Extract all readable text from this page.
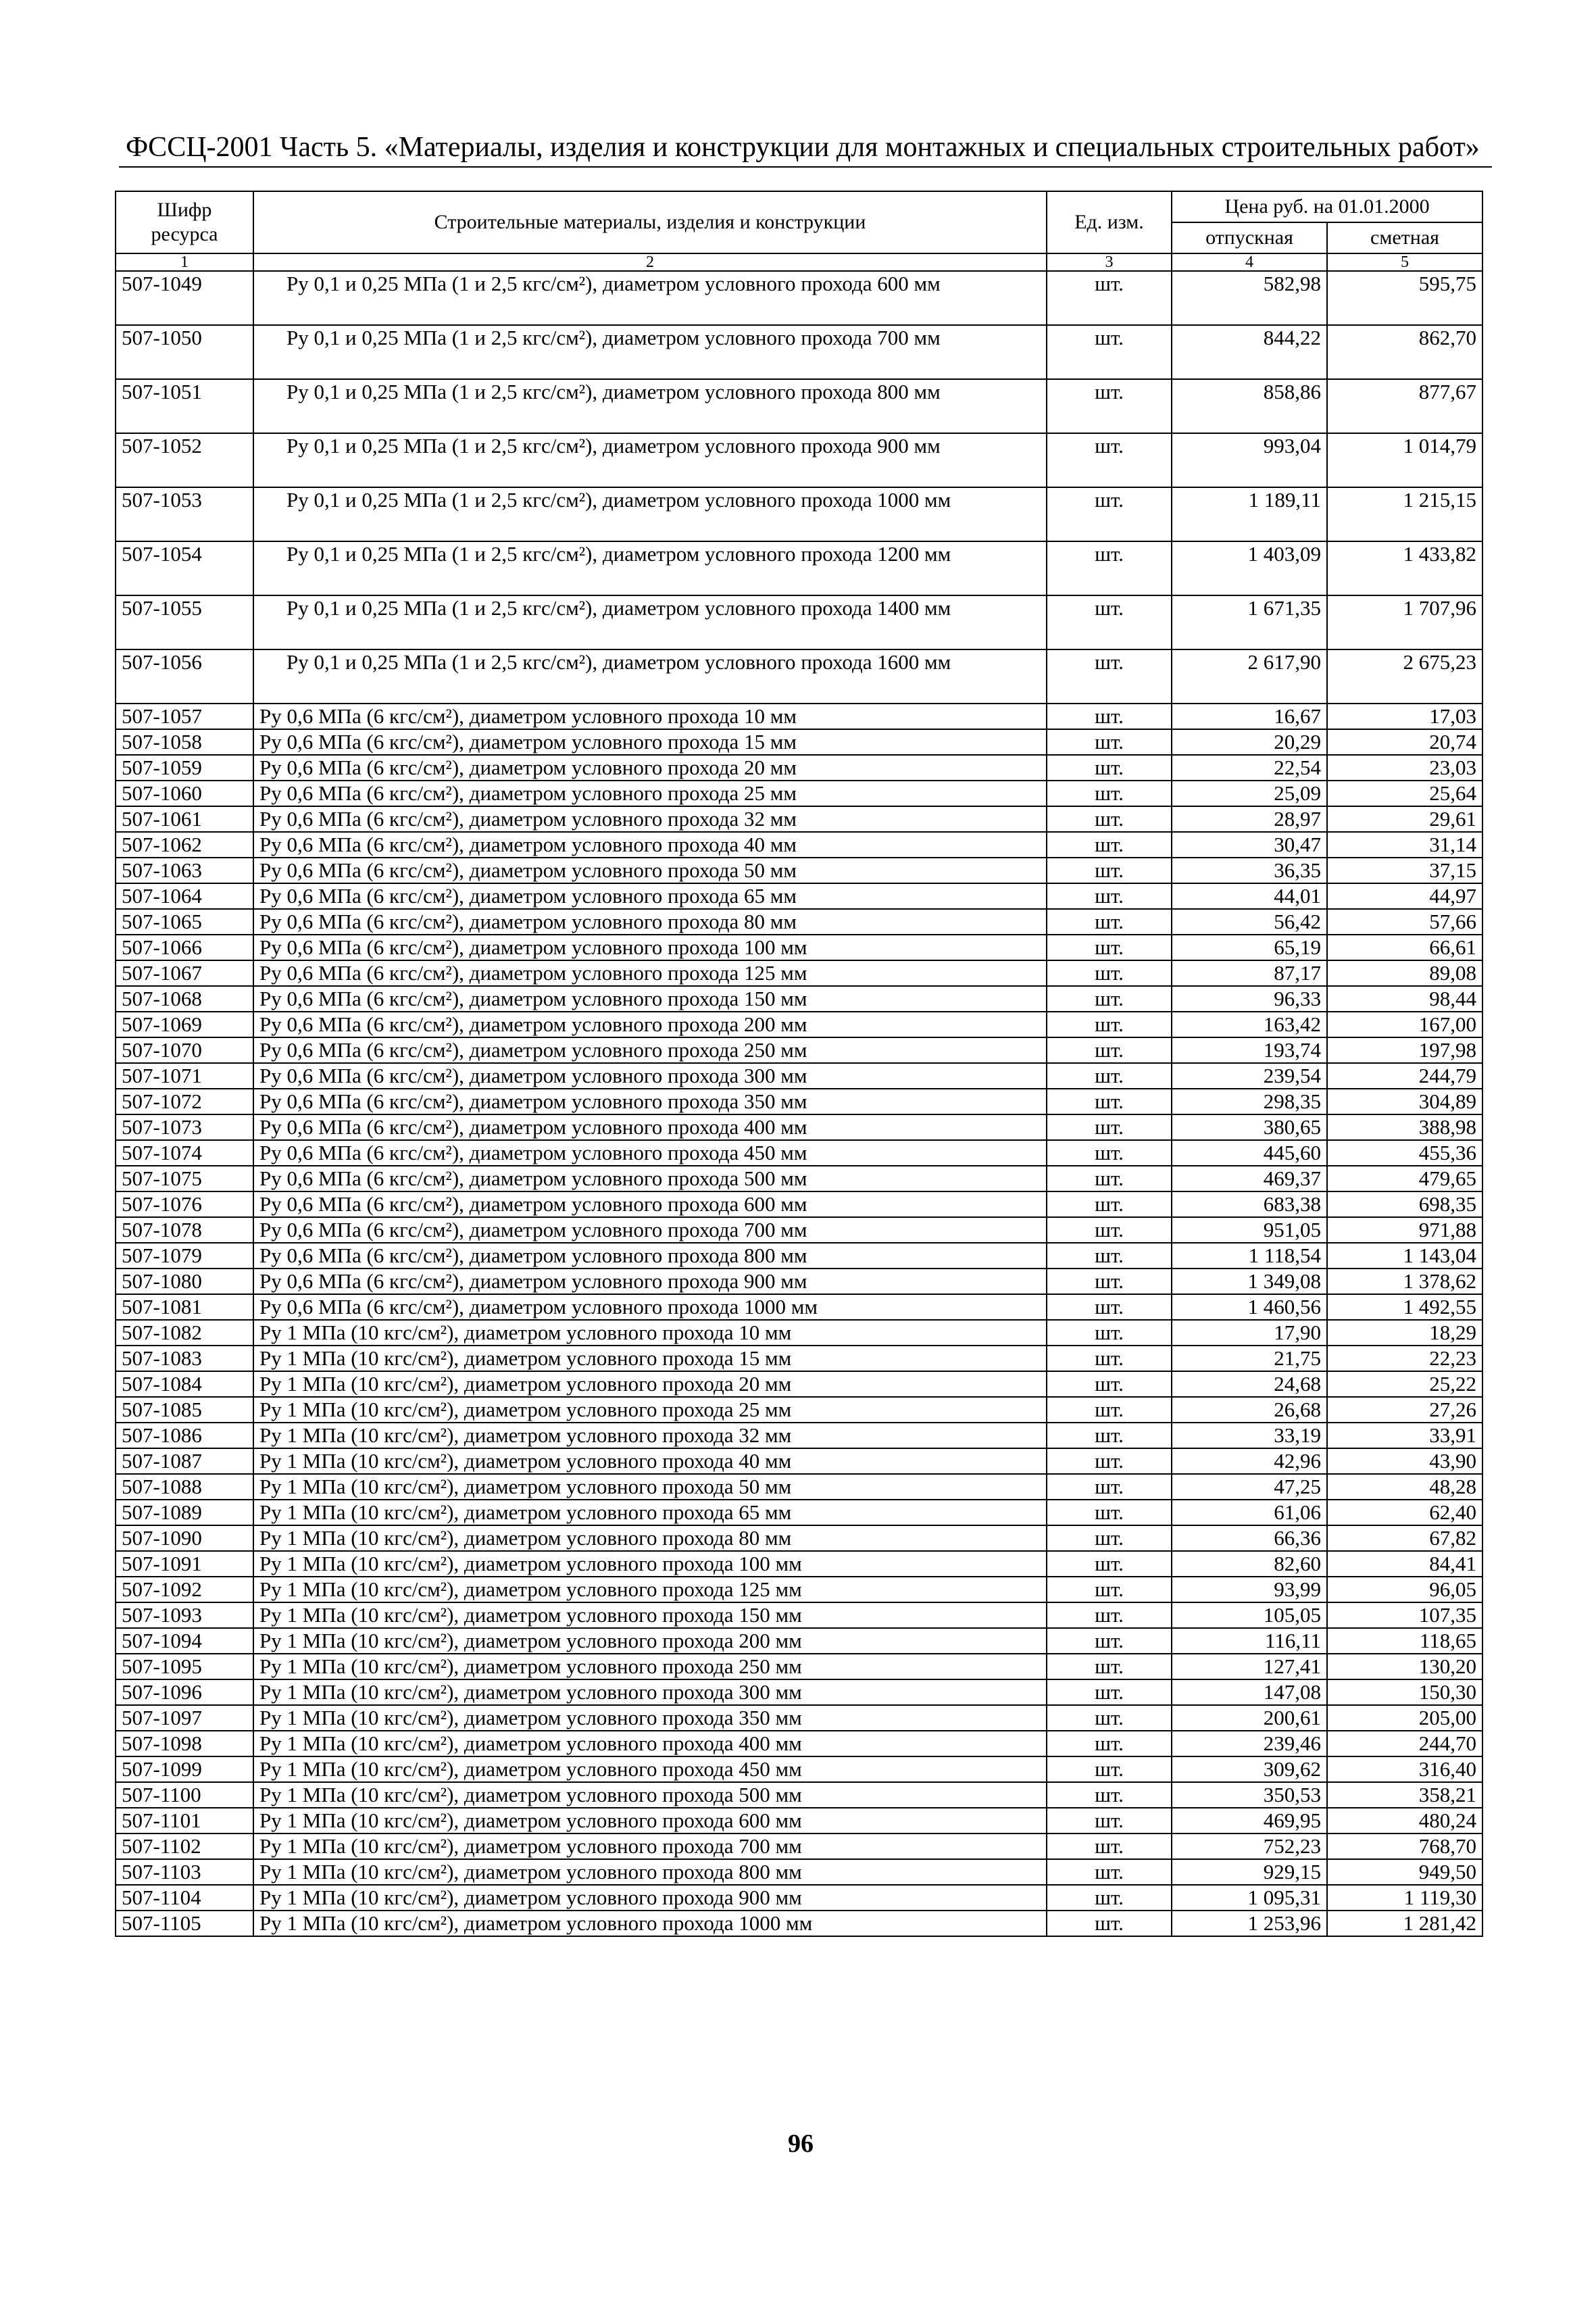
ФССЦ-2001 Часть 5. «Материалы, изделия и конструкции для монтажных и специальных строительных работ»
Шифр ресурса	Строительные материалы, изделия и конструкции	Ед. изм.	Цена руб. на 01.01.2000	
			отпускная	сметная
1	2	3	4	5
507-1049	Ру 0,1 и 0,25 МПа (1 и 2,5 кгс/см²), диаметром условного прохода 600 мм	шт.	582,98	595,75
507-1050	Ру 0,1 и 0,25 МПа (1 и 2,5 кгс/см²), диаметром условного прохода 700 мм	шт.	844,22	862,70
507-1051	Ру 0,1 и 0,25 МПа (1 и 2,5 кгс/см²), диаметром условного прохода 800 мм	шт.	858,86	877,67
507-1052	Ру 0,1 и 0,25 МПа (1 и 2,5 кгс/см²), диаметром условного прохода 900 мм	шт.	993,04	1 014,79
507-1053	Ру 0,1 и 0,25 МПа (1 и 2,5 кгс/см²), диаметром условного прохода 1000 мм	шт.	1 189,11	1 215,15
507-1054	Ру 0,1 и 0,25 МПа (1 и 2,5 кгс/см²), диаметром условного прохода 1200 мм	шт.	1 403,09	1 433,82
507-1055	Ру 0,1 и 0,25 МПа (1 и 2,5 кгс/см²), диаметром условного прохода 1400 мм	шт.	1 671,35	1 707,96
507-1056	Ру 0,1 и 0,25 МПа (1 и 2,5 кгс/см²), диаметром условного прохода 1600 мм	шт.	2 617,90	2 675,23
507-1057	Ру 0,6 МПа (6 кгс/см²), диаметром условного прохода 10 мм	шт.	16,67	17,03
507-1058	Ру 0,6 МПа (6 кгс/см²), диаметром условного прохода 15 мм	шт.	20,29	20,74
507-1059	Ру 0,6 МПа (6 кгс/см²), диаметром условного прохода 20 мм	шт.	22,54	23,03
507-1060	Ру 0,6 МПа (6 кгс/см²), диаметром условного прохода 25 мм	шт.	25,09	25,64
507-1061	Ру 0,6 МПа (6 кгс/см²), диаметром условного прохода 32 мм	шт.	28,97	29,61
507-1062	Ру 0,6 МПа (6 кгс/см²), диаметром условного прохода 40 мм	шт.	30,47	31,14
507-1063	Ру 0,6 МПа (6 кгс/см²), диаметром условного прохода 50 мм	шт.	36,35	37,15
507-1064	Ру 0,6 МПа (6 кгс/см²), диаметром условного прохода 65 мм	шт.	44,01	44,97
507-1065	Ру 0,6 МПа (6 кгс/см²), диаметром условного прохода 80 мм	шт.	56,42	57,66
507-1066	Ру 0,6 МПа (6 кгс/см²), диаметром условного прохода 100 мм	шт.	65,19	66,61
507-1067	Ру 0,6 МПа (6 кгс/см²), диаметром условного прохода 125 мм	шт.	87,17	89,08
507-1068	Ру 0,6 МПа (6 кгс/см²), диаметром условного прохода 150 мм	шт.	96,33	98,44
507-1069	Ру 0,6 МПа (6 кгс/см²), диаметром условного прохода 200 мм	шт.	163,42	167,00
507-1070	Ру 0,6 МПа (6 кгс/см²), диаметром условного прохода 250 мм	шт.	193,74	197,98
507-1071	Ру 0,6 МПа (6 кгс/см²), диаметром условного прохода 300 мм	шт.	239,54	244,79
507-1072	Ру 0,6 МПа (6 кгс/см²), диаметром условного прохода 350 мм	шт.	298,35	304,89
507-1073	Ру 0,6 МПа (6 кгс/см²), диаметром условного прохода 400 мм	шт.	380,65	388,98
507-1074	Ру 0,6 МПа (6 кгс/см²), диаметром условного прохода 450 мм	шт.	445,60	455,36
507-1075	Ру 0,6 МПа (6 кгс/см²), диаметром условного прохода 500 мм	шт.	469,37	479,65
507-1076	Ру 0,6 МПа (6 кгс/см²), диаметром условного прохода 600 мм	шт.	683,38	698,35
507-1078	Ру 0,6 МПа (6 кгс/см²), диаметром условного прохода 700 мм	шт.	951,05	971,88
507-1079	Ру 0,6 МПа (6 кгс/см²), диаметром условного прохода 800 мм	шт.	1 118,54	1 143,04
507-1080	Ру 0,6 МПа (6 кгс/см²), диаметром условного прохода 900 мм	шт.	1 349,08	1 378,62
507-1081	Ру 0,6 МПа (6 кгс/см²), диаметром условного прохода 1000 мм	шт.	1 460,56	1 492,55
507-1082	Ру 1 МПа (10 кгс/см²), диаметром условного прохода 10 мм	шт.	17,90	18,29
507-1083	Ру 1 МПа (10 кгс/см²), диаметром условного прохода 15 мм	шт.	21,75	22,23
507-1084	Ру 1 МПа (10 кгс/см²), диаметром условного прохода 20 мм	шт.	24,68	25,22
507-1085	Ру 1 МПа (10 кгс/см²), диаметром условного прохода 25 мм	шт.	26,68	27,26
507-1086	Ру 1 МПа (10 кгс/см²), диаметром условного прохода 32 мм	шт.	33,19	33,91
507-1087	Ру 1 МПа (10 кгс/см²), диаметром условного прохода 40 мм	шт.	42,96	43,90
507-1088	Ру 1 МПа (10 кгс/см²), диаметром условного прохода 50 мм	шт.	47,25	48,28
507-1089	Ру 1 МПа (10 кгс/см²), диаметром условного прохода 65 мм	шт.	61,06	62,40
507-1090	Ру 1 МПа (10 кгс/см²), диаметром условного прохода 80 мм	шт.	66,36	67,82
507-1091	Ру 1 МПа (10 кгс/см²), диаметром условного прохода 100 мм	шт.	82,60	84,41
507-1092	Ру 1 МПа (10 кгс/см²), диаметром условного прохода 125 мм	шт.	93,99	96,05
507-1093	Ру 1 МПа (10 кгс/см²), диаметром условного прохода 150 мм	шт.	105,05	107,35
507-1094	Ру 1 МПа (10 кгс/см²), диаметром условного прохода 200 мм	шт.	116,11	118,65
507-1095	Ру 1 МПа (10 кгс/см²), диаметром условного прохода 250 мм	шт.	127,41	130,20
507-1096	Ру 1 МПа (10 кгс/см²), диаметром условного прохода 300 мм	шт.	147,08	150,30
507-1097	Ру 1 МПа (10 кгс/см²), диаметром условного прохода 350 мм	шт.	200,61	205,00
507-1098	Ру 1 МПа (10 кгс/см²), диаметром условного прохода 400 мм	шт.	239,46	244,70
507-1099	Ру 1 МПа (10 кгс/см²), диаметром условного прохода 450 мм	шт.	309,62	316,40
507-1100	Ру 1 МПа (10 кгс/см²), диаметром условного прохода 500 мм	шт.	350,53	358,21
507-1101	Ру 1 МПа (10 кгс/см²), диаметром условного прохода 600 мм	шт.	469,95	480,24
507-1102	Ру 1 МПа (10 кгс/см²), диаметром условного прохода 700 мм	шт.	752,23	768,70
507-1103	Ру 1 МПа (10 кгс/см²), диаметром условного прохода 800 мм	шт.	929,15	949,50
507-1104	Ру 1 МПа (10 кгс/см²), диаметром условного прохода 900 мм	шт.	1 095,31	1 119,30
507-1105	Ру 1 МПа (10 кгс/см²), диаметром условного прохода 1000 мм	шт.	1 253,96	1 281,42
96
